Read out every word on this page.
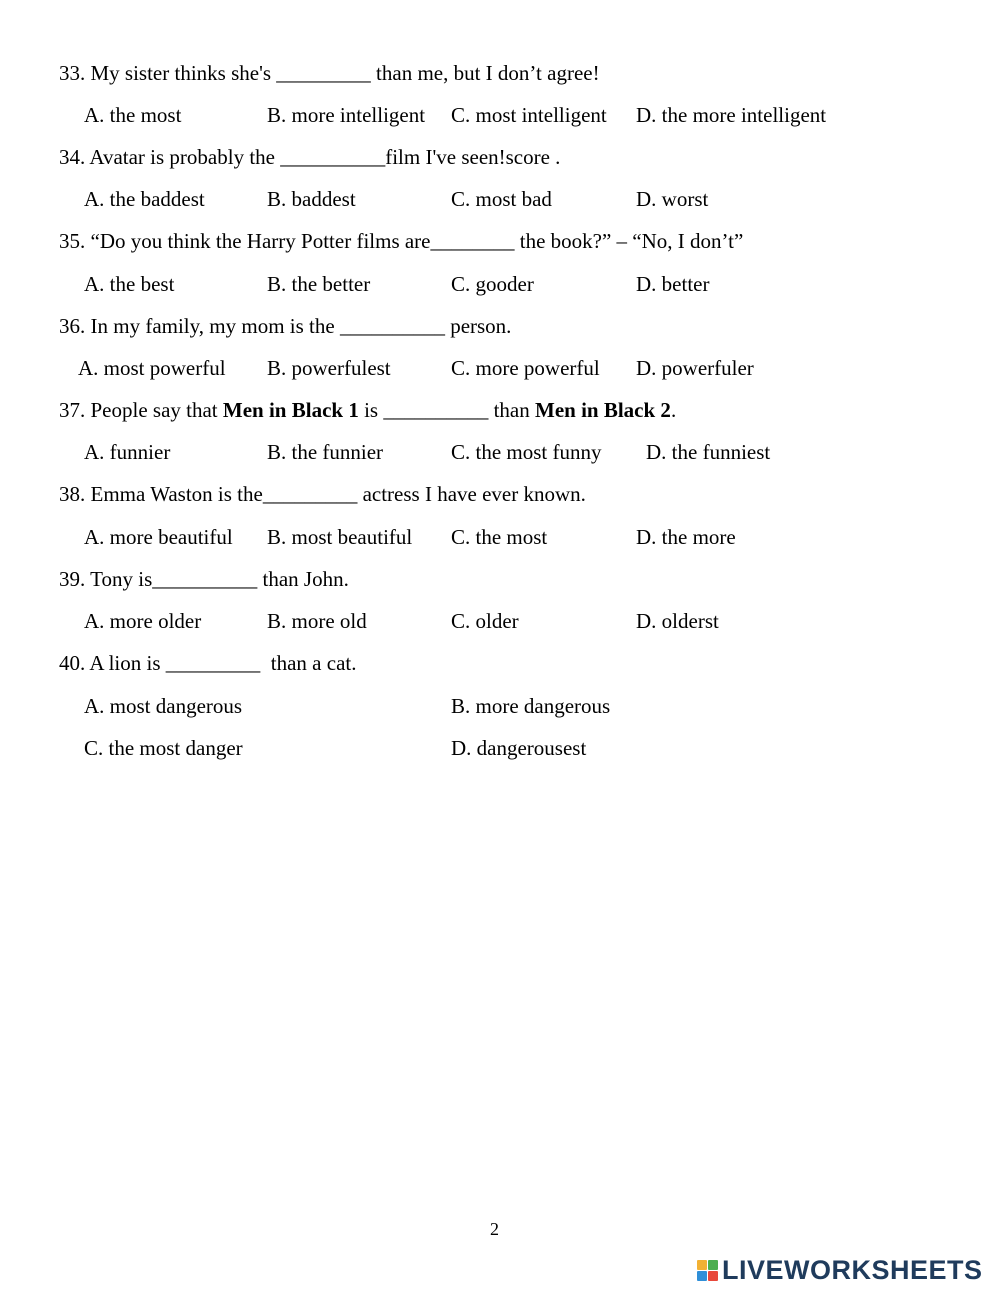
33. My sister thinks she's _________ than me, but I don’t agree!
A. the most	B. more intelligent C. most intelligent D. the more intelligent
34. Avatar is probably the __________film I've seen!score .
A. the baddest	B. baddest	C. most bad	D. worst
35. “Do you think the Harry Potter films are________ the book?” – “No, I don’t”
A. the best	B. the better	C. gooder	D. better
36. In my family, my mom is the __________ person.
A. most powerful B. powerfulest	C. more powerful D. powerfuler
37. People say that Men in Black 1 is __________ than Men in Black 2.
A. funnier	B. the funnier	C. the most funny D. the funniest
38. Emma Waston is the_________ actress I have ever known.
A. more beautiful B. most beautiful C. the most	D. the more
39. Tony is__________ than John.
A. more older	B. more old	C. older	D. olderst
40. A lion is _________  than a cat.
A. most dangerous	B. more dangerous
C. the most danger	D. dangerousest
2
LIVEWORKSHEETS
